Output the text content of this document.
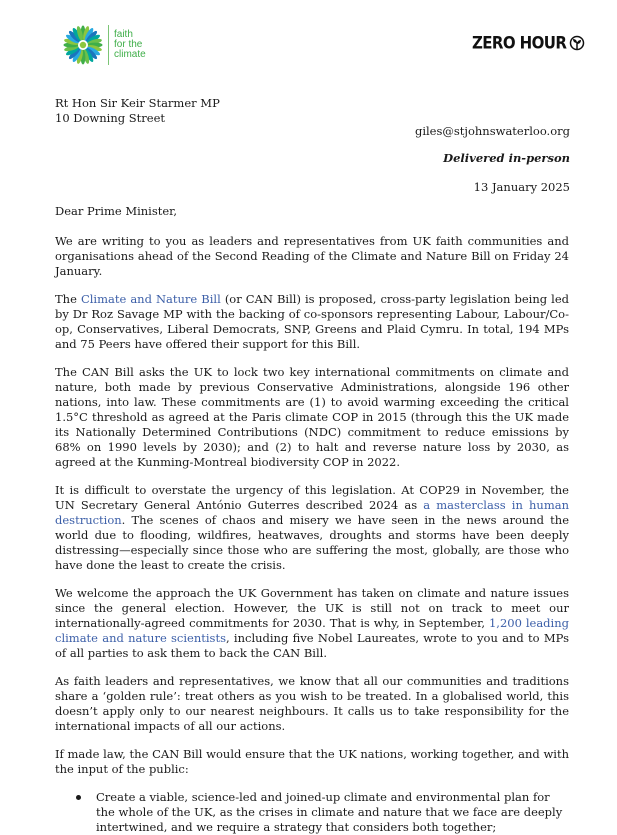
faith
for the
climate
ZERO HOUR
Rt Hon Sir Keir Starmer MP
10 Downing Street
giles@stjohnswaterloo.org
Delivered in-person
13 January 2025

Dear Prime Minister,

We are writing to you as leaders and representatives from UK faith communities and organisations ahead of the Second Reading of the Climate and Nature Bill on Friday 24 January.

The Climate and Nature Bill (or CAN Bill) is proposed, cross-party legislation being led by Dr Roz Savage MP with the backing of co-sponsors representing Labour, Labour/Co-op, Conservatives, Liberal Democrats, SNP, Greens and Plaid Cymru. In total, 194 MPs and 75 Peers have offered their support for this Bill.

The CAN Bill asks the UK to lock two key international commitments on climate and nature, both made by previous Conservative Administrations, alongside 196 other nations, into law. These commitments are (1) to avoid warming exceeding the critical 1.5°C threshold as agreed at the Paris climate COP in 2015 (through this the UK made its Nationally Determined Contributions (NDC) commitment to reduce emissions by 68% on 1990 levels by 2030); and (2) to halt and reverse nature loss by 2030, as agreed at the Kunming-Montreal biodiversity COP in 2022.

It is difficult to overstate the urgency of this legislation. At COP29 in November, the UN Secretary General António Guterres described 2024 as a masterclass in human destruction. The scenes of chaos and misery we have seen in the news around the world due to flooding, wildfires, heatwaves, droughts and storms have been deeply distressing—especially since those who are suffering the most, globally, are those who have done the least to create the crisis.

We welcome the approach the UK Government has taken on climate and nature issues since the general election. However, the UK is still not on track to meet our internationally-agreed commitments for 2030. That is why, in September, 1,200 leading climate and nature scientists, including five Nobel Laureates, wrote to you and to MPs of all parties to ask them to back the CAN Bill.

As faith leaders and representatives, we know that all our communities and traditions share a ‘golden rule’: treat others as you wish to be treated. In a globalised world, this doesn’t apply only to our nearest neighbours. It calls us to take responsibility for the international impacts of all our actions.

If made law, the CAN Bill would ensure that the UK nations, working together, and with the input of the public:

Create a viable, science-led and joined-up climate and environmental plan for the whole of the UK, as the crises in climate and nature that we face are deeply intertwined, and we require a strategy that considers both together;
